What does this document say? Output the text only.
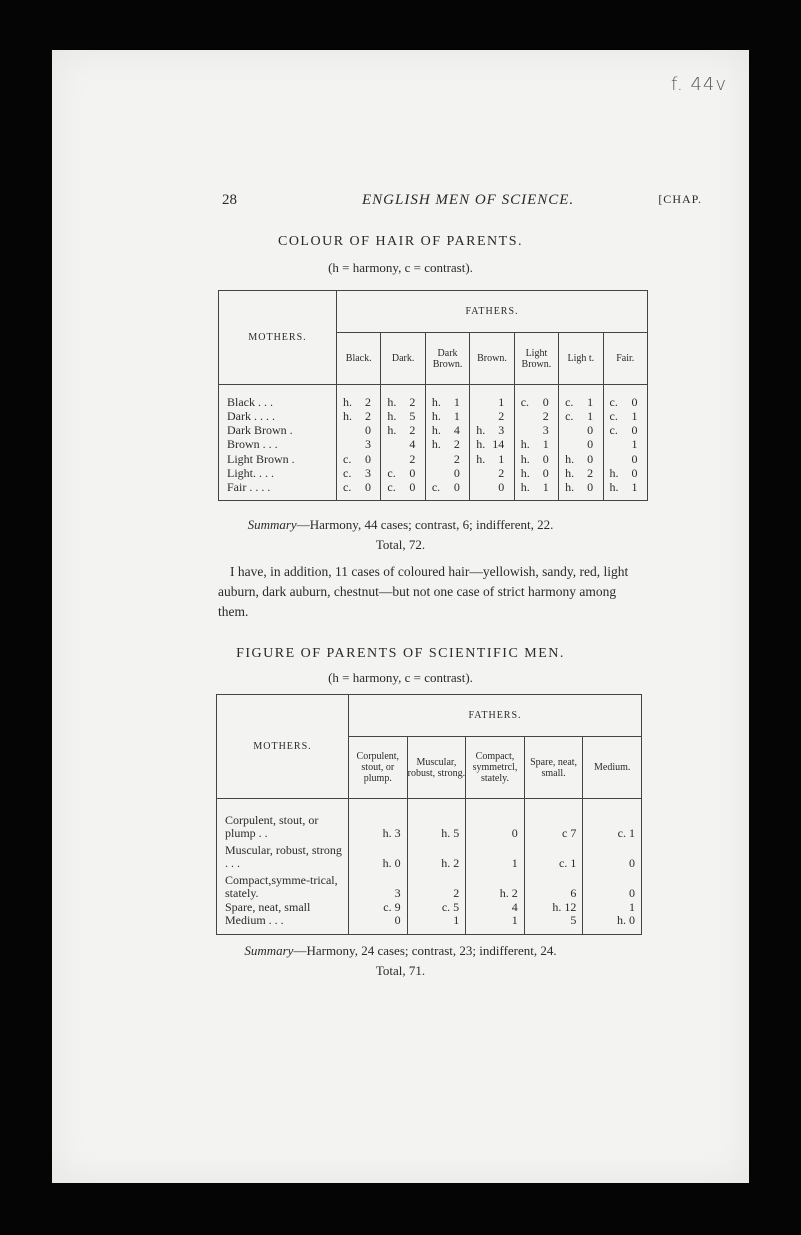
f. 44v
28	ENGLISH MEN OF SCIENCE.	[CHAP.
COLOUR OF HAIR OF PARENTS.
(h = harmony, c = contrast).
MOTHERS.	FATHERS.						
	Black.	Dark.	Dark Brown.	Brown.	Light Brown.	Ligh t.	Fair.

Black . . .	h. 2	h. 2	h. 1	1	c. 0	c. 1	c. 0
Dark . . . .	h. 2	h. 5	h. 1	2	2	c. 1	c. 1
Dark Brown .	0	h. 2	h. 4	h. 3	3	0	c. 0
Brown . . .	3	4	h. 2	h. 14	h. 1	0	1
Light Brown .	c. 0	2	2	h. 1	h. 0	h. 0	0
Light. . . .	c. 3	c. 0	0	2	h. 0	h. 2	h. 0
Fair . . . .	c. 0	c. 0	c. 0	0	h. 1	h. 0	h. 1

Summary—Harmony, 44 cases; contrast, 6; indifferent, 22.
Total, 72.

I have, in addition, 11 cases of coloured hair—yellowish, sandy, red, light auburn, dark auburn, chestnut—but not one case of strict harmony among them.

FIGURE OF PARENTS OF SCIENTIFIC MEN.
(h = harmony, c = contrast).
MOTHERS.	FATHERS.				
	Corpulent, stout, or plump.	Muscular, robust, strong.	Compact, symmetrcl, stately.	Spare, neat, small.	Medium.

Corpulent, stout, or plump . .	h. 3	h. 5	0	c 7	c. 1
Muscular, robust, strong . . .	h. 0	h. 2	1	c. 1	0
Compact,symme-trical, stately.	3	2	h. 2	6	0
Spare, neat, small	c. 9	c. 5	4	h. 12	1
Medium . . .	0	1	1	5	h. 0

Summary—Harmony, 24 cases; contrast, 23; indifferent, 24.
Total, 71.
